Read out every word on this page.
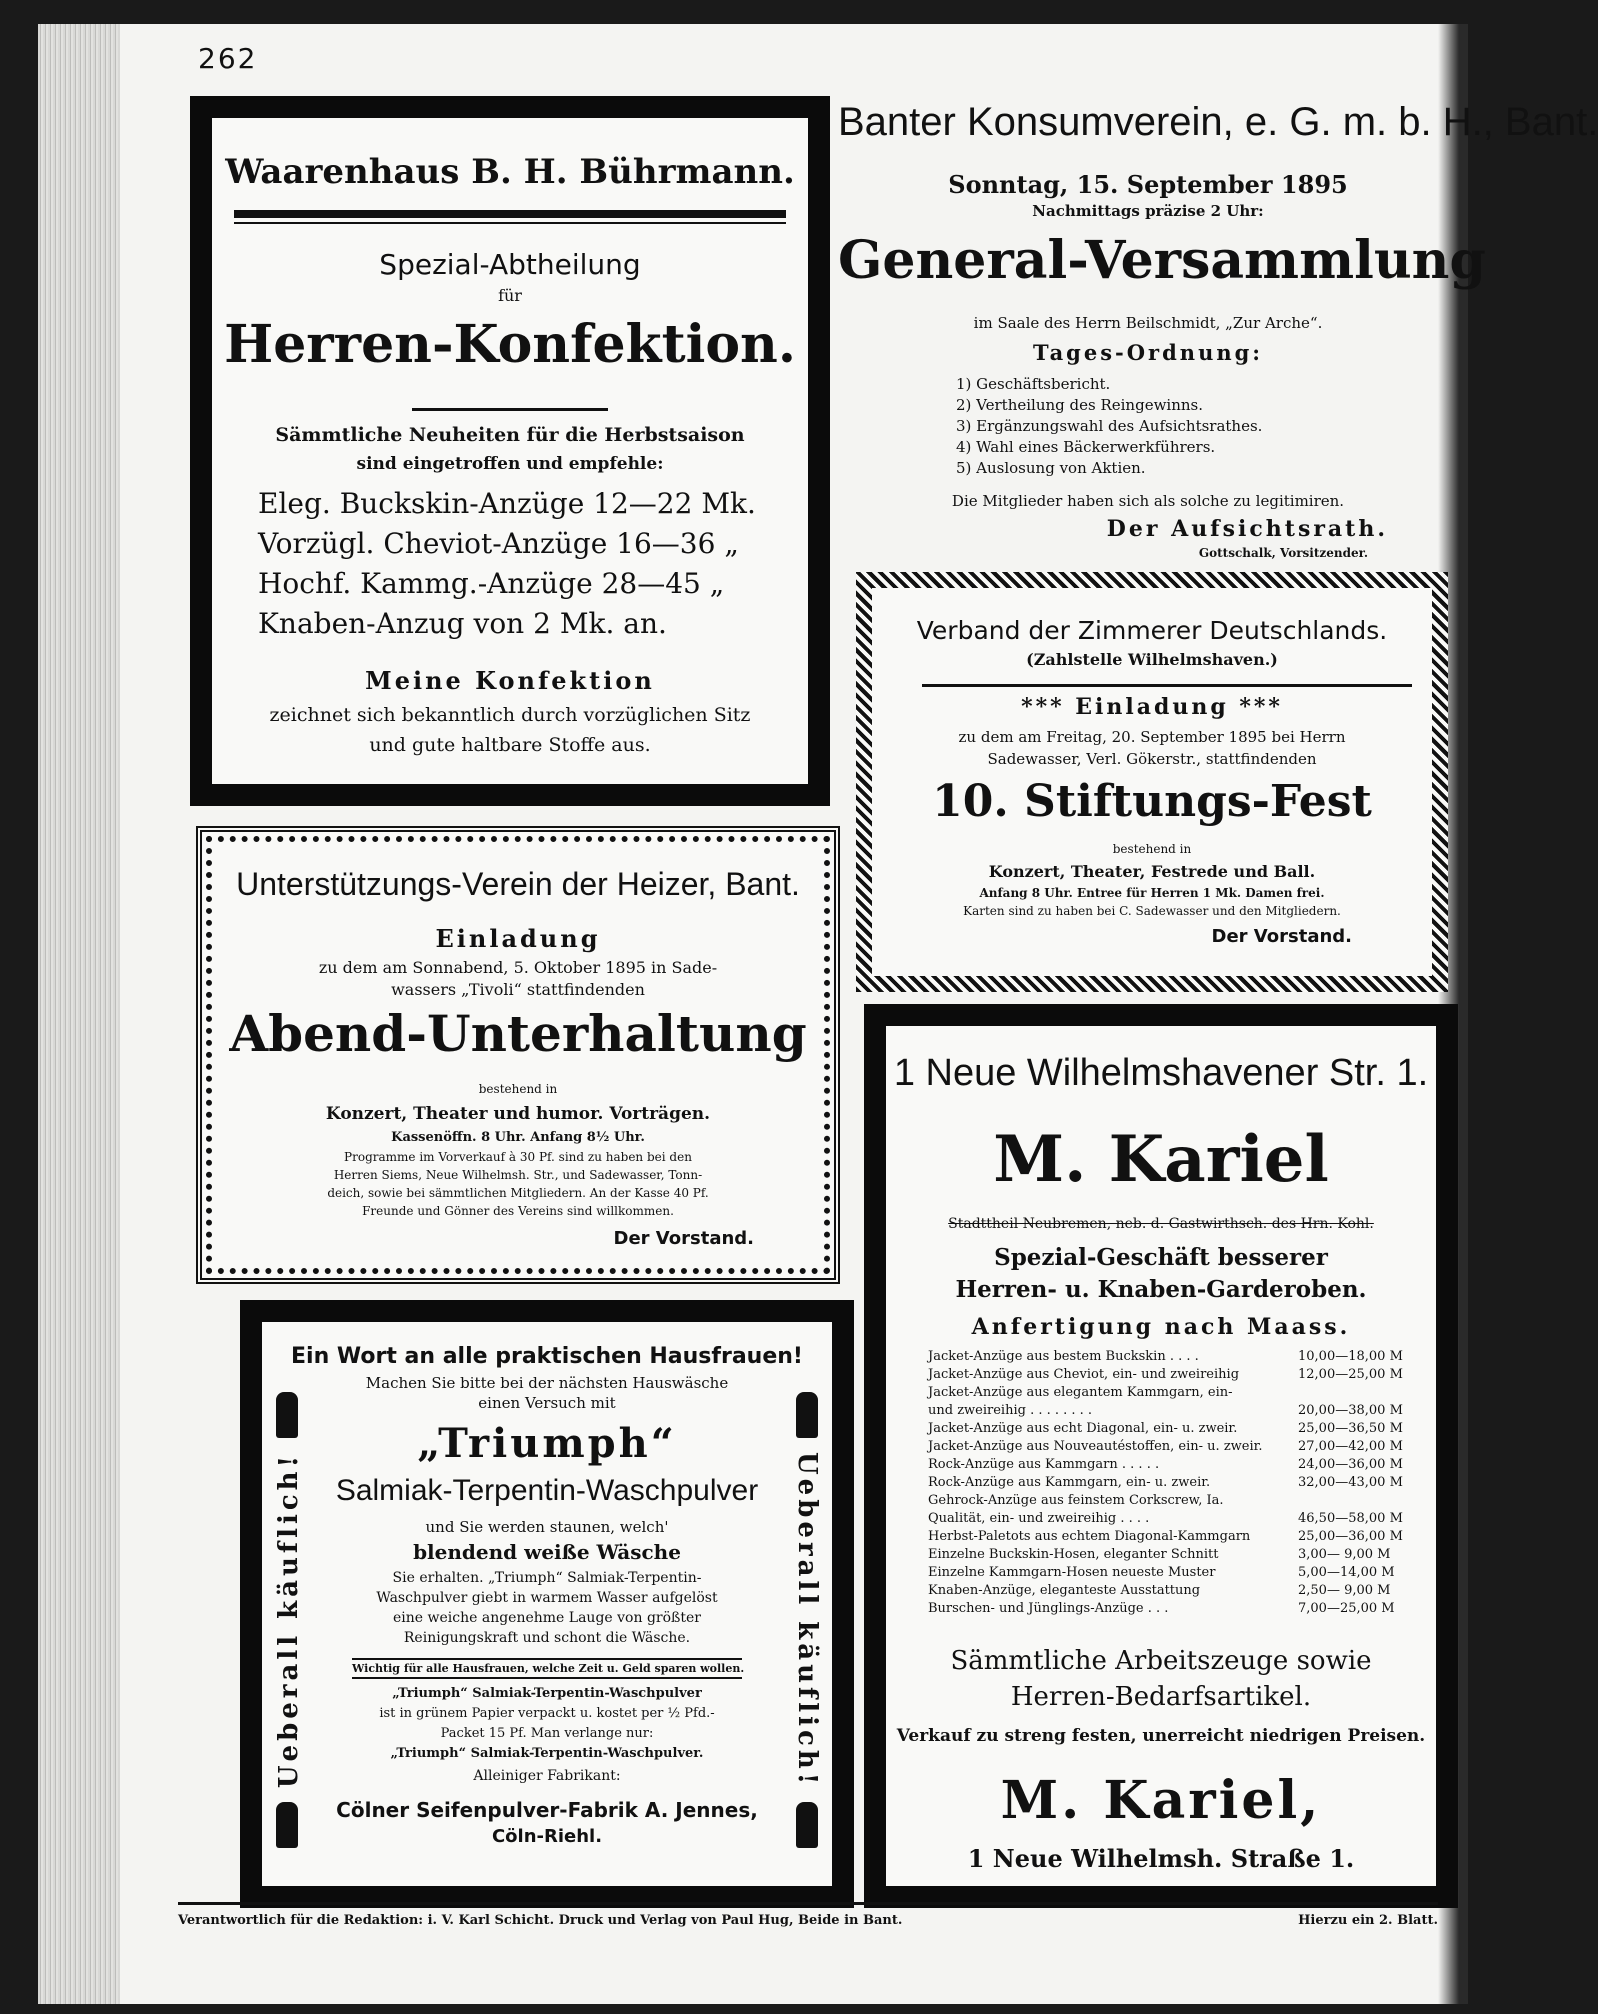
262
Waarenhaus B. H. Bührmann.
Spezial-Abtheilung
für
Herren-Konfektion.
Sämmtliche Neuheiten für die Herbstsaison
sind eingetroffen und empfehle:
Eleg. Buckskin-Anzüge 12—22 Mk.
Vorzügl. Cheviot-Anzüge 16—36 „
Hochf. Kammg.-Anzüge 28—45 „
Knaben-Anzug von 2 Mk. an.
Meine Konfektion
zeichnet sich bekanntlich durch vorzüglichen Sitz
und gute haltbare Stoffe aus.
Banter Konsumverein, e. G. m. b. H., Bant.
Sonntag, 15. September 1895
Nachmittags präzise 2 Uhr:
General-Versammlung
im Saale des Herrn Beilschmidt, „Zur Arche“.
Tages-Ordnung:
1) Geschäftsbericht.
2) Vertheilung des Reingewinns.
3) Ergänzungswahl des Aufsichtsrathes.
4) Wahl eines Bäckerwerkführers.
5) Auslosung von Aktien.
Die Mitglieder haben sich als solche zu legitimiren.
Der Aufsichtsrath.
Gottschalk, Vorsitzender.
Verband der Zimmerer Deutschlands.
(Zahlstelle Wilhelmshaven.)
*** Einladung ***
zu dem am Freitag, 20. September 1895 bei Herrn
Sadewasser, Verl. Gökerstr., stattfindenden
10. Stiftungs-Fest
bestehend in
Konzert, Theater, Festrede und Ball.
Anfang 8 Uhr. Entree für Herren 1 Mk. Damen frei.
Karten sind zu haben bei C. Sadewasser und den Mitgliedern.
Der Vorstand.
Unterstützungs-Verein der Heizer, Bant.
Einladung
zu dem am Sonnabend, 5. Oktober 1895 in Sade-
wassers „Tivoli“ stattfindenden
Abend-Unterhaltung
bestehend in
Konzert, Theater und humor. Vorträgen.
Kassenöffn. 8 Uhr. Anfang 8½ Uhr.
Programme im Vorverkauf à 30 Pf. sind zu haben bei den
Herren Siems, Neue Wilhelmsh. Str., und Sadewasser, Tonn-
deich, sowie bei sämmtlichen Mitgliedern. An der Kasse 40 Pf.
Freunde und Gönner des Vereins sind willkommen.
Der Vorstand.
1 Neue Wilhelmshavener Str. 1.
M. Kariel
Stadttheil Neubremen, neb. d. Gastwirthsch. des Hrn. Kohl.
Spezial-Geschäft besserer
Herren- u. Knaben-Garderoben.
Anfertigung nach Maass.
Jacket-Anzüge aus bestem Buckskin . . . .	10,00—18,00 M
Jacket-Anzüge aus Cheviot, ein- und zweireihig	12,00—25,00 M
Jacket-Anzüge aus elegantem Kammgarn, ein-
und zweireihig . . . . . . . .	20,00—38,00 M
Jacket-Anzüge aus echt Diagonal, ein- u. zweir.	25,00—36,50 M
Jacket-Anzüge aus Nouveautéstoffen, ein- u. zweir.	27,00—42,00 M
Rock-Anzüge aus Kammgarn . . . . .	24,00—36,00 M
Rock-Anzüge aus Kammgarn, ein- u. zweir.	32,00—43,00 M
Gehrock-Anzüge aus feinstem Corkscrew, Ia.
Qualität, ein- und zweireihig . . . .	46,50—58,00 M
Herbst-Paletots aus echtem Diagonal-Kammgarn	25,00—36,00 M
Einzelne Buckskin-Hosen, eleganter Schnitt	3,00— 9,00 M
Einzelne Kammgarn-Hosen neueste Muster	5,00—14,00 M
Knaben-Anzüge, eleganteste Ausstattung	2,50— 9,00 M
Burschen- und Jünglings-Anzüge . . .	7,00—25,00 M
Sämmtliche Arbeitszeuge sowie
Herren-Bedarfsartikel.
Verkauf zu streng festen, unerreicht niedrigen Preisen.
M. Kariel,
1 Neue Wilhelmsh. Straße 1.
Ein Wort an alle praktischen Hausfrauen!
Machen Sie bitte bei der nächsten Hauswäsche
einen Versuch mit
„Triumph“
Salmiak-Terpentin-Waschpulver
und Sie werden staunen, welch'
blendend weiße Wäsche
Sie erhalten. „Triumph“ Salmiak-Terpentin-
Waschpulver giebt in warmem Wasser aufgelöst
eine weiche angenehme Lauge von größter
Reinigungskraft und schont die Wäsche.
Wichtig für alle Hausfrauen, welche Zeit u. Geld sparen wollen.
„Triumph“ Salmiak-Terpentin-Waschpulver
ist in grünem Papier verpackt u. kostet per ½ Pfd.-
Packet 15 Pf. Man verlange nur:
„Triumph“ Salmiak-Terpentin-Waschpulver.
Alleiniger Fabrikant:
Cölner Seifenpulver-Fabrik A. Jennes,
Cöln-Riehl.
Ueberall käuflich!	Ueberall käuflich!
Verantwortlich für die Redaktion: i. V. Karl Schicht. Druck und Verlag von Paul Hug, Beide in Bant.	Hierzu ein 2. Blatt.
